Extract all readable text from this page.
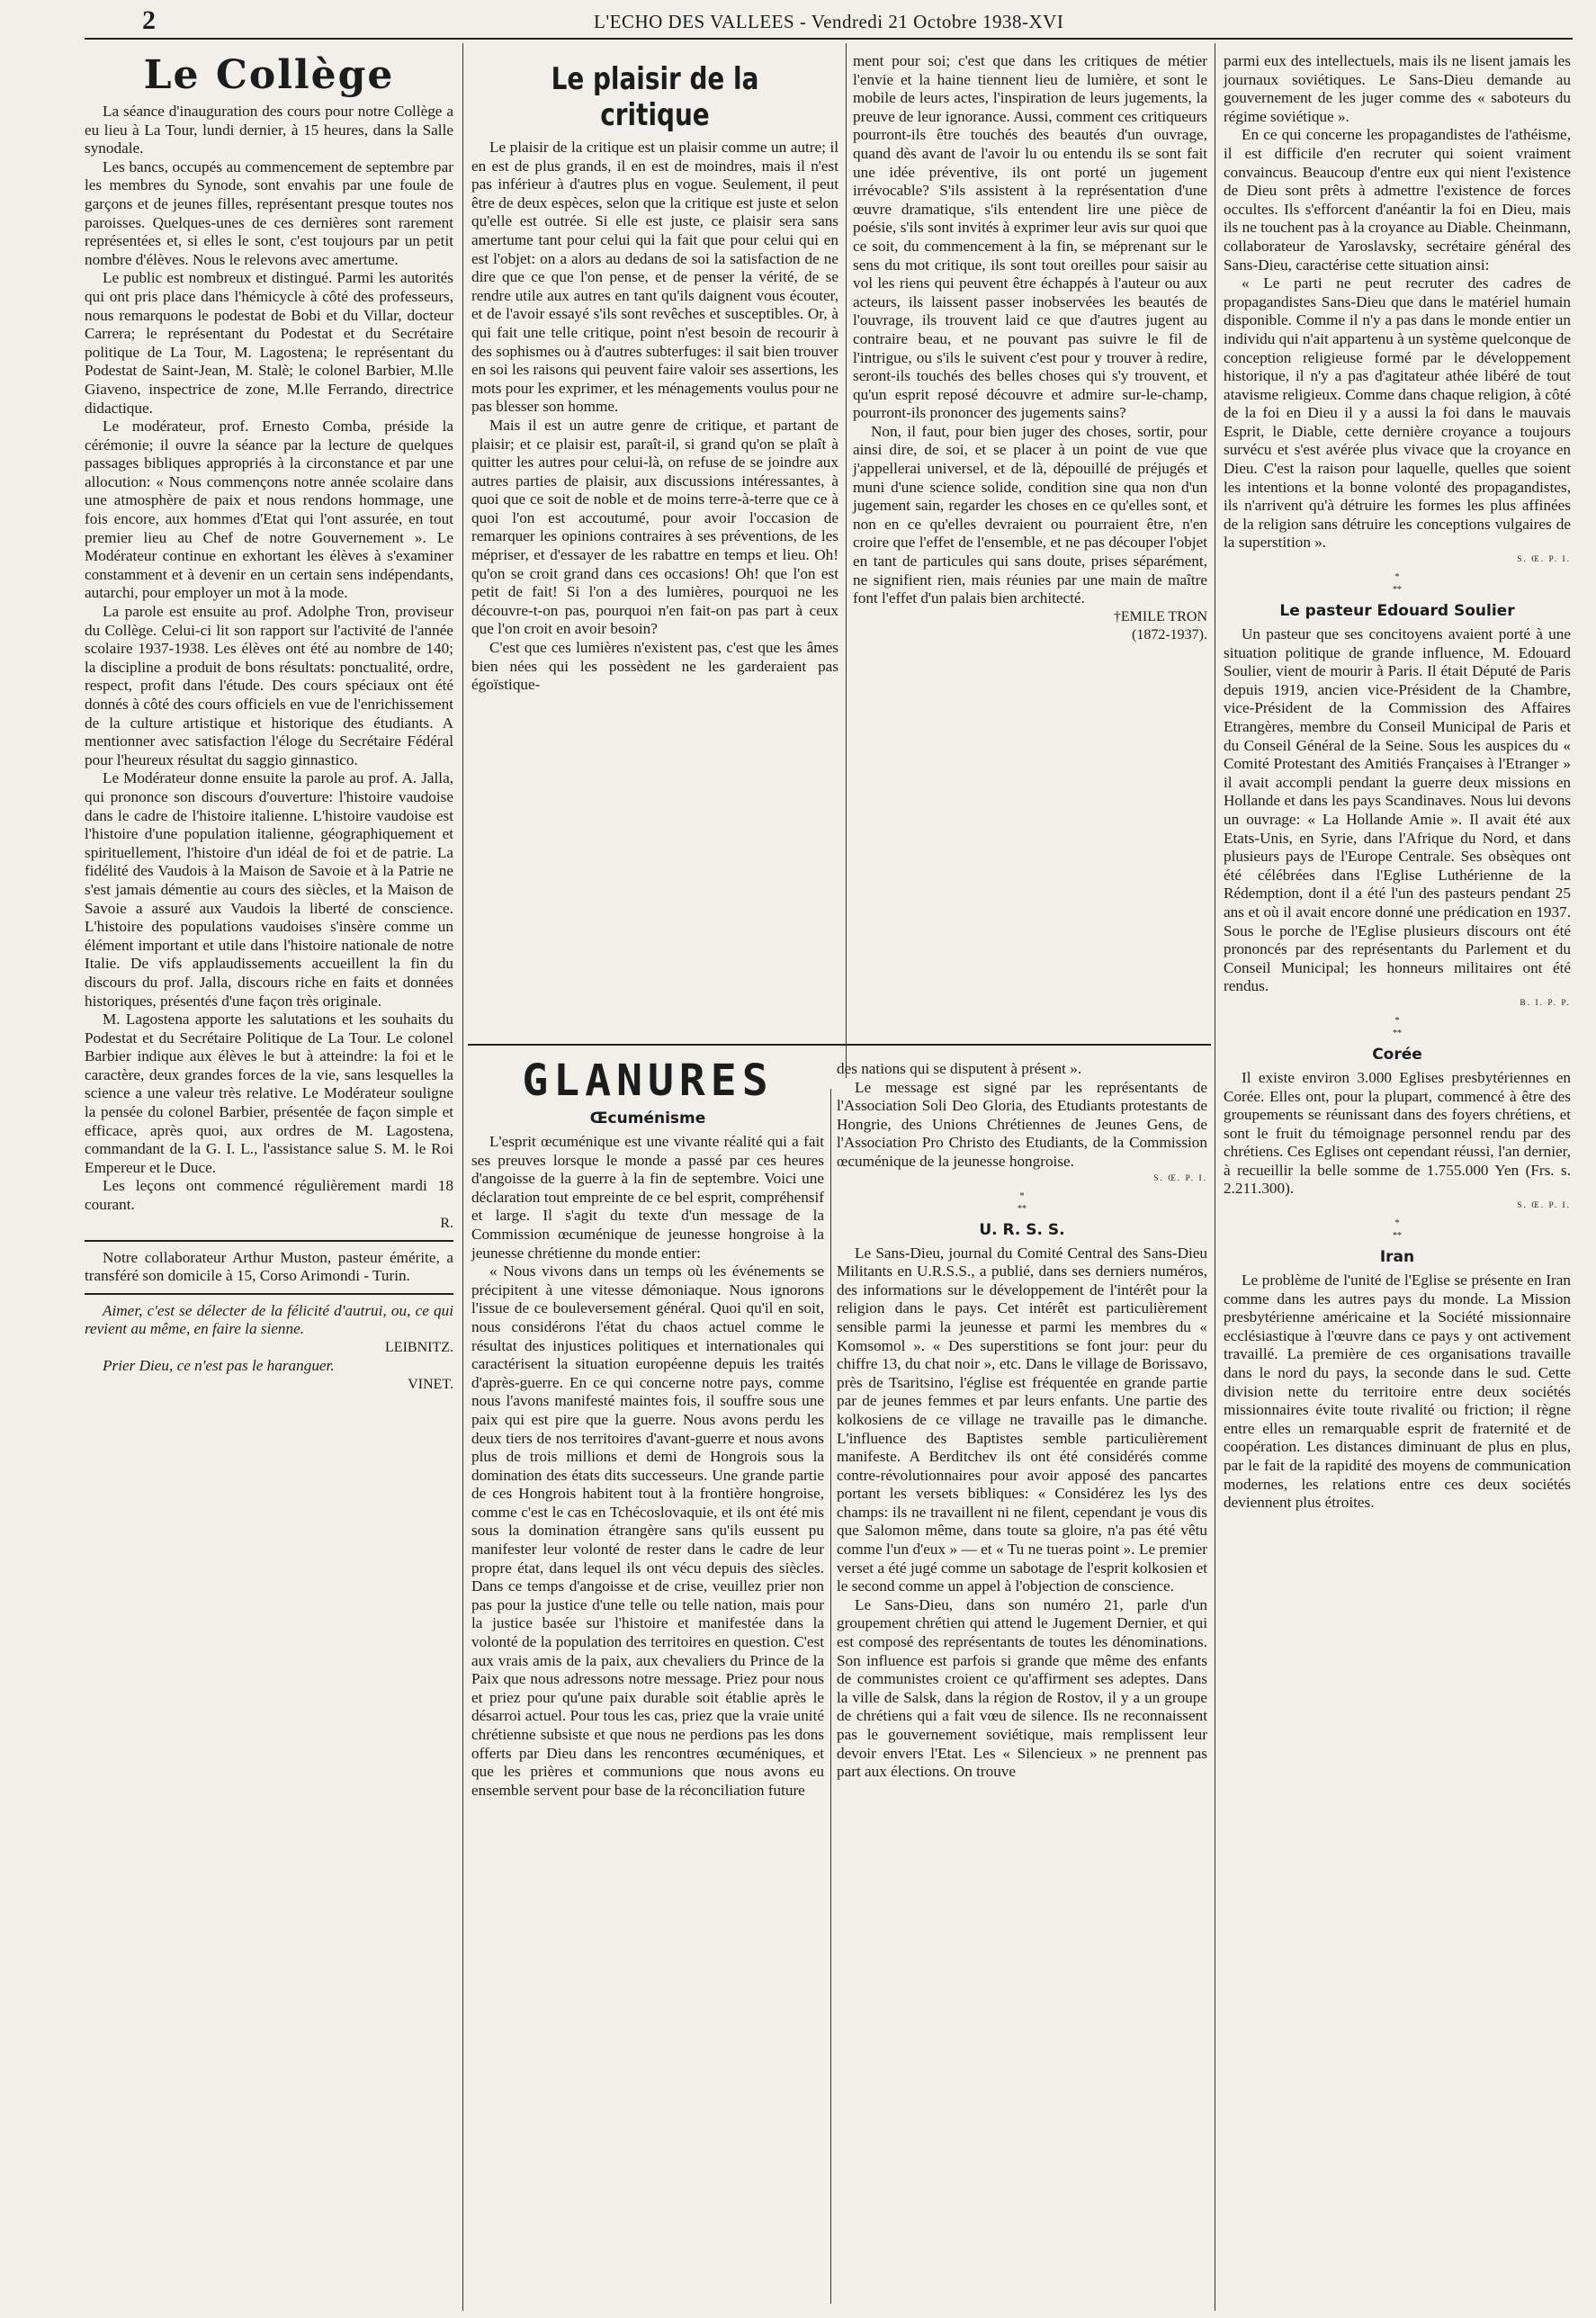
2	L'ECHO DES VALLEES - Vendredi 21 Octobre 1938-XVI
Le Collège

La séance d'inauguration des cours pour notre Collège a eu lieu à La Tour, lundi dernier, à 15 heures, dans la Salle synodale.

Les bancs, occupés au commencement de septembre par les membres du Synode, sont envahis par une foule de garçons et de jeunes filles, représentant presque toutes nos paroisses. Quelques-unes de ces dernières sont rarement représentées et, si elles le sont, c'est toujours par un petit nombre d'élèves. Nous le relevons avec amertume.

Le public est nombreux et distingué. Parmi les autorités qui ont pris place dans l'hémicycle à côté des professeurs, nous remarquons le podestat de Bobi et du Villar, docteur Carrera; le représentant du Podestat et du Secrétaire politique de La Tour, M. Lagostena; le représentant du Podestat de Saint-Jean, M. Stalè; le colonel Barbier, M.lle Giaveno, inspectrice de zone, M.lle Ferrando, directrice didactique.

Le modérateur, prof. Ernesto Comba, préside la cérémonie; il ouvre la séance par la lecture de quelques passages bibliques appropriés à la circonstance et par une allocution: « Nous commençons notre année scolaire dans une atmosphère de paix et nous rendons hommage, une fois encore, aux hommes d'Etat qui l'ont assurée, en tout premier lieu au Chef de notre Gouvernement ». Le Modérateur continue en exhortant les élèves à s'examiner constamment et à devenir en un certain sens indépendants, autarchi, pour employer un mot à la mode.

La parole est ensuite au prof. Adolphe Tron, proviseur du Collège. Celui-ci lit son rapport sur l'activité de l'année scolaire 1937-1938. Les élèves ont été au nombre de 140; la discipline a produit de bons résultats: ponctualité, ordre, respect, profit dans l'étude. Des cours spéciaux ont été donnés à côté des cours officiels en vue de l'enrichissement de la culture artistique et historique des étudiants. A mentionner avec satisfaction l'éloge du Secrétaire Fédéral pour l'heureux résultat du saggio ginnastico.

Le Modérateur donne ensuite la parole au prof. A. Jalla, qui prononce son discours d'ouverture: l'histoire vaudoise dans le cadre de l'histoire italienne. L'histoire vaudoise est l'histoire d'une population italienne, géographiquement et spirituellement, l'histoire d'un idéal de foi et de patrie. La fidélité des Vaudois à la Maison de Savoie et à la Patrie ne s'est jamais démentie au cours des siècles, et la Maison de Savoie a assuré aux Vaudois la liberté de conscience. L'histoire des populations vaudoises s'insère comme un élément important et utile dans l'histoire nationale de notre Italie. De vifs applaudissements accueillent la fin du discours du prof. Jalla, discours riche en faits et données historiques, présentés d'une façon très originale.

M. Lagostena apporte les salutations et les souhaits du Podestat et du Secrétaire Politique de La Tour. Le colonel Barbier indique aux élèves le but à atteindre: la foi et le caractère, deux grandes forces de la vie, sans lesquelles la science a une valeur très relative. Le Modérateur souligne la pensée du colonel Barbier, présentée de façon simple et efficace, après quoi, aux ordres de M. Lagostena, commandant de la G. I. L., l'assistance salue S. M. le Roi Empereur et le Duce.

Les leçons ont commencé régulièrement mardi 18 courant.

R.

Notre collaborateur Arthur Muston, pasteur émérite, a transféré son domicile à 15, Corso Arimondi - Turin.

Aimer, c'est se délecter de la félicité d'autrui, ou, ce qui revient au même, en faire la sienne.

LEIBNITZ.

Prier Dieu, ce n'est pas le haranguer.

VINET.
Le plaisir de la critique

Le plaisir de la critique est un plaisir comme un autre; il en est de plus grands, il en est de moindres, mais il n'est pas inférieur à d'autres plus en vogue. Seulement, il peut être de deux espèces, selon que la critique est juste et selon qu'elle est outrée. Si elle est juste, ce plaisir sera sans amertume tant pour celui qui la fait que pour celui qui en est l'objet: on a alors au dedans de soi la satisfaction de ne dire que ce que l'on pense, et de penser la vérité, de se rendre utile aux autres en tant qu'ils daignent vous écouter, et de l'avoir essayé s'ils sont revêches et susceptibles. Or, à qui fait une telle critique, point n'est besoin de recourir à des sophismes ou à d'autres subterfuges: il sait bien trouver en soi les raisons qui peuvent faire valoir ses assertions, les mots pour les exprimer, et les ménagements voulus pour ne pas blesser son homme.

Mais il est un autre genre de critique, et partant de plaisir; et ce plaisir est, paraît-il, si grand qu'on se plaît à quitter les autres pour celui-là, on refuse de se joindre aux autres parties de plaisir, aux discussions intéressantes, à quoi que ce soit de noble et de moins terre-à-terre que ce à quoi l'on est accoutumé, pour avoir l'occasion de remarquer les opinions contraires à ses préventions, de les mépriser, et d'essayer de les rabattre en temps et lieu. Oh! qu'on se croit grand dans ces occasions! Oh! que l'on est petit de fait! Si l'on a des lumières, pourquoi ne les découvre-t-on pas, pourquoi n'en fait-on pas part à ceux que l'on croit en avoir besoin?

C'est que ces lumières n'existent pas, c'est que les âmes bien nées qui les possèdent ne les garderaient pas égoïstique-

ment pour soi; c'est que dans les critiques de métier l'envie et la haine tiennent lieu de lumière, et sont le mobile de leurs actes, l'inspiration de leurs jugements, la preuve de leur ignorance. Aussi, comment ces critiqueurs pourront-ils être touchés des beautés d'un ouvrage, quand dès avant de l'avoir lu ou entendu ils se sont fait une idée préventive, ils ont porté un jugement irrévocable? S'ils assistent à la représentation d'une œuvre dramatique, s'ils entendent lire une pièce de poésie, s'ils sont invités à exprimer leur avis sur quoi que ce soit, du commencement à la fin, se méprenant sur le sens du mot critique, ils sont tout oreilles pour saisir au vol les riens qui peuvent être échappés à l'auteur ou aux acteurs, ils laissent passer inobservées les beautés de l'ouvrage, ils trouvent laid ce que d'autres jugent au contraire beau, et ne pouvant pas suivre le fil de l'intrigue, ou s'ils le suivent c'est pour y trouver à redire, seront-ils touchés des belles choses qui s'y trouvent, et qu'un esprit reposé découvre et admire sur-le-champ, pourront-ils prononcer des jugements sains?

Non, il faut, pour bien juger des choses, sortir, pour ainsi dire, de soi, et se placer à un point de vue que j'appellerai universel, et de là, dépouillé de préjugés et muni d'une science solide, condition sine qua non d'un jugement sain, regarder les choses en ce qu'elles sont, et non en ce qu'elles devraient ou pourraient être, n'en croire que l'effet de l'ensemble, et ne pas découper l'objet en tant de particules qui sans doute, prises séparément, ne signifient rien, mais réunies par une main de maître font l'effet d'un palais bien architecté.

†EMILE TRON
(1872-1937).
GLANURES
Œcuménisme

L'esprit œcuménique est une vivante réalité qui a fait ses preuves lorsque le monde a passé par ces heures d'angoisse de la guerre à la fin de septembre. Voici une déclaration tout empreinte de ce bel esprit, compréhensif et large. Il s'agit du texte d'un message de la Commission œcuménique de jeunesse hongroise à la jeunesse chrétienne du monde entier:

« Nous vivons dans un temps où les événements se précipitent à une vitesse démoniaque. Nous ignorons l'issue de ce bouleversement général. Quoi qu'il en soit, nous considérons l'état du chaos actuel comme le résultat des injustices politiques et internationales qui caractérisent la situation européenne depuis les traités d'après-guerre. En ce qui concerne notre pays, comme nous l'avons manifesté maintes fois, il souffre sous une paix qui est pire que la guerre. Nous avons perdu les deux tiers de nos territoires d'avant-guerre et nous avons plus de trois millions et demi de Hongrois sous la domination des états dits successeurs. Une grande partie de ces Hongrois habitent tout à la frontière hongroise, comme c'est le cas en Tchécoslovaquie, et ils ont été mis sous la domination étrangère sans qu'ils eussent pu manifester leur volonté de rester dans le cadre de leur propre état, dans lequel ils ont vécu depuis des siècles. Dans ce temps d'angoisse et de crise, veuillez prier non pas pour la justice d'une telle ou telle nation, mais pour la justice basée sur l'histoire et manifestée dans la volonté de la population des territoires en question. C'est aux vrais amis de la paix, aux chevaliers du Prince de la Paix que nous adressons notre message. Priez pour nous et priez pour qu'une paix durable soit établie après le désarroi actuel. Pour tous les cas, priez que la vraie unité chrétienne subsiste et que nous ne perdions pas les dons offerts par Dieu dans les rencontres œcuméniques, et que les prières et communions que nous avons eu ensemble servent pour base de la réconciliation future

des nations qui se disputent à présent ».

Le message est signé par les représentants de l'Association Soli Deo Gloria, des Etudiants protestants de Hongrie, des Unions Chrétiennes de Jeunes Gens, de l'Association Pro Christo des Etudiants, de la Commission œcuménique de la jeunesse hongroise.

S. Œ. P. I.
*
**
U. R. S. S.

Le Sans-Dieu, journal du Comité Central des Sans-Dieu Militants en U.R.S.S., a publié, dans ses derniers numéros, des informations sur le développement de l'intérêt pour la religion dans le pays. Cet intérêt est particulièrement sensible parmi la jeunesse et parmi les membres du « Komsomol ». « Des superstitions se font jour: peur du chiffre 13, du chat noir », etc. Dans le village de Borissavo, près de Tsaritsino, l'église est fréquentée en grande partie par de jeunes femmes et par leurs enfants. Une partie des kolkosiens de ce village ne travaille pas le dimanche. L'influence des Baptistes semble particulièrement manifeste. A Berditchev ils ont été considérés comme contre-révolutionnaires pour avoir apposé des pancartes portant les versets bibliques: « Considérez les lys des champs: ils ne travaillent ni ne filent, cependant je vous dis que Salomon même, dans toute sa gloire, n'a pas été vêtu comme l'un d'eux » — et « Tu ne tueras point ». Le premier verset a été jugé comme un sabotage de l'esprit kolkosien et le second comme un appel à l'objection de conscience.

Le Sans-Dieu, dans son numéro 21, parle d'un groupement chrétien qui attend le Jugement Dernier, et qui est composé des représentants de toutes les dénominations. Son influence est parfois si grande que même des enfants de communistes croient ce qu'affirment ses adeptes. Dans la ville de Salsk, dans la région de Rostov, il y a un groupe de chrétiens qui a fait vœu de silence. Ils ne reconnaissent pas le gouvernement soviétique, mais remplissent leur devoir envers l'Etat. Les « Silencieux » ne prennent pas part aux élections. On trouve

parmi eux des intellectuels, mais ils ne lisent jamais les journaux soviétiques. Le Sans-Dieu demande au gouvernement de les juger comme des « saboteurs du régime soviétique ».

En ce qui concerne les propagandistes de l'athéisme, il est difficile d'en recruter qui soient vraiment convaincus. Beaucoup d'entre eux qui nient l'existence de Dieu sont prêts à admettre l'existence de forces occultes. Ils s'efforcent d'anéantir la foi en Dieu, mais ils ne touchent pas à la croyance au Diable. Cheinmann, collaborateur de Yaroslavsky, secrétaire général des Sans-Dieu, caractérise cette situation ainsi:

« Le parti ne peut recruter des cadres de propagandistes Sans-Dieu que dans le matériel humain disponible. Comme il n'y a pas dans le monde entier un individu qui n'ait appartenu à un système quelconque de conception religieuse formé par le développement historique, il n'y a pas d'agitateur athée libéré de tout atavisme religieux. Comme dans chaque religion, à côté de la foi en Dieu il y a aussi la foi dans le mauvais Esprit, le Diable, cette dernière croyance a toujours survécu et s'est avérée plus vivace que la croyance en Dieu. C'est la raison pour laquelle, quelles que soient les intentions et la bonne volonté des propagandistes, ils n'arrivent qu'à détruire les formes les plus affinées de la religion sans détruire les conceptions vulgaires de la superstition ».

S. Œ. P. I.
*
**
Le pasteur Edouard Soulier

Un pasteur que ses concitoyens avaient porté à une situation politique de grande influence, M. Edouard Soulier, vient de mourir à Paris. Il était Député de Paris depuis 1919, ancien vice-Président de la Chambre, vice-Président de la Commission des Affaires Etrangères, membre du Conseil Municipal de Paris et du Conseil Général de la Seine. Sous les auspices du « Comité Protestant des Amitiés Françaises à l'Etranger » il avait accompli pendant la guerre deux missions en Hollande et dans les pays Scandinaves. Nous lui devons un ouvrage: « La Hollande Amie ». Il avait été aux Etats-Unis, en Syrie, dans l'Afrique du Nord, et dans plusieurs pays de l'Europe Centrale. Ses obsèques ont été célébrées dans l'Eglise Luthérienne de la Rédemption, dont il a été l'un des pasteurs pendant 25 ans et où il avait encore donné une prédication en 1937. Sous le porche de l'Eglise plusieurs discours ont été prononcés par des représentants du Parlement et du Conseil Municipal; les honneurs militaires ont été rendus.

B. I. P. P.
*
**
Corée

Il existe environ 3.000 Eglises presbytériennes en Corée. Elles ont, pour la plupart, commencé à être des groupements se réunissant dans des foyers chrétiens, et sont le fruit du témoignage personnel rendu par des chrétiens. Ces Eglises ont cependant réussi, l'an dernier, à recueillir la belle somme de 1.755.000 Yen (Frs. s. 2.211.300).

S. Œ. P. I.
*
**
Iran

Le problème de l'unité de l'Eglise se présente en Iran comme dans les autres pays du monde. La Mission presbytérienne américaine et la Société missionnaire ecclésiastique à l'œuvre dans ce pays y ont activement travaillé. La première de ces organisations travaille dans le nord du pays, la seconde dans le sud. Cette division nette du territoire entre deux sociétés missionnaires évite toute rivalité ou friction; il règne entre elles un remarquable esprit de fraternité et de coopération. Les distances diminuant de plus en plus, par le fait de la rapidité des moyens de communication modernes, les relations entre ces deux sociétés deviennent plus étroites.
